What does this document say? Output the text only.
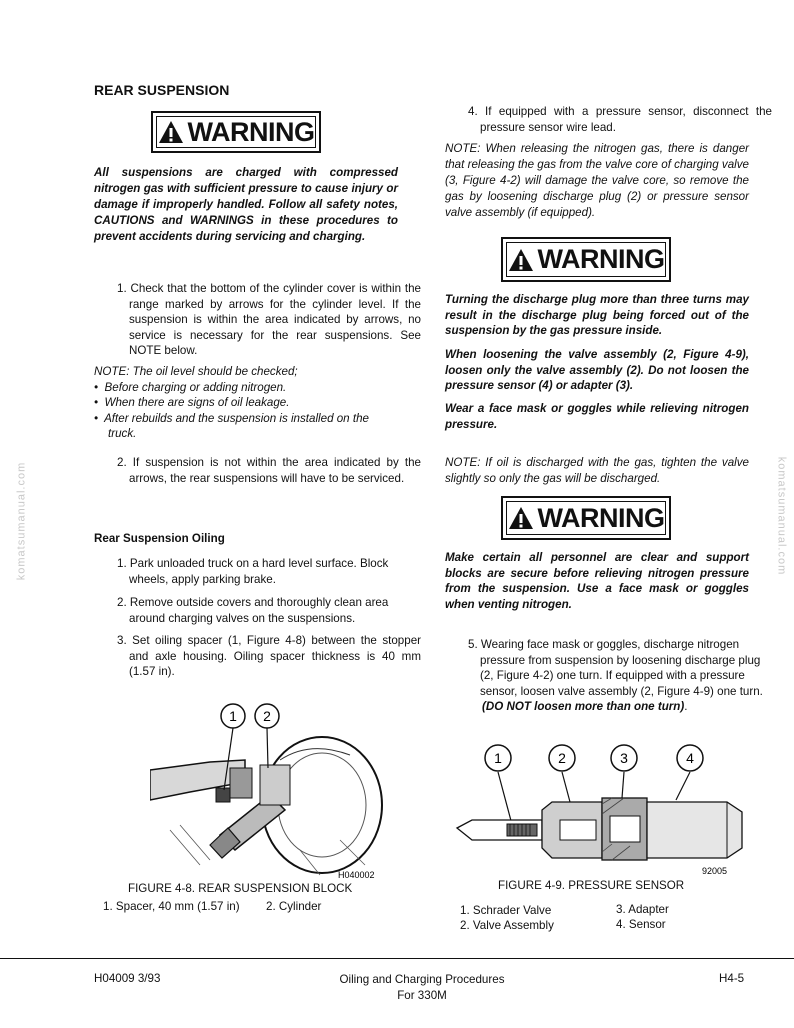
komatsumanual.com	komatsumanual.com
REAR SUSPENSION
WARNING
All suspensions are charged with compressed nitrogen gas with sufficient pressure to cause injury or damage if improperly handled. Follow all safety notes, CAUTIONS and WARNINGS in these procedures to prevent accidents during servicing and charging.
1. Check that the bottom of the cylinder cover is within the range marked by arrows for the cylinder level. If the suspension is within the area indicated by arrows, no service is necessary for the rear suspensions. See NOTE below.
NOTE: The oil level should be checked;
•  Before charging or adding nitrogen.
•  When there are signs of oil leakage.
•  After rebuilds and the suspension is installed on the truck.
2. If suspension is not within the area indicated by the arrows, the rear suspensions will have to be serviced.
Rear Suspension Oiling
1. Park unloaded truck on a hard level surface. Block wheels, apply parking brake.
2. Remove outside covers and thoroughly clean area around charging valves on the suspensions.
3. Set oiling spacer (1, Figure 4-8) between the stopper and axle housing. Oiling spacer thickness is 40 mm (1.57 in).
1 2
H040002
FIGURE 4-8. REAR SUSPENSION BLOCK
1. Spacer, 40 mm (1.57 in) 2. Cylinder
4. If equipped with a pressure sensor, disconnect the pressure sensor wire lead.
NOTE: When releasing the nitrogen gas, there is danger that releasing the gas from the valve core of charging valve (3, Figure 4-2) will damage the valve core, so remove the gas by loosening discharge plug (2) or pressure sensor valve assembly (if equipped).
WARNING
Turning the discharge plug more than three turns may result in the discharge plug being forced out of the suspension by the gas pressure inside.
When loosening the valve assembly (2, Figure 4-9), loosen only the valve assembly (2). Do not loosen the pressure sensor (4) or adapter (3).
Wear a face mask or goggles while relieving nitrogen pressure.
NOTE: If oil is discharged with the gas, tighten the valve slightly so only the gas will be discharged.
WARNING
Make certain all personnel are clear and support blocks are secure before relieving nitrogen pressure from the suspension. Use a face mask or goggles when venting nitrogen.
5. Wearing face mask or goggles, discharge nitrogen pressure from suspension by loosening discharge plug (2, Figure 4-2) one turn. If equipped with a pressure sensor, loosen valve assembly (2, Figure 4-9) one turn.
(DO NOT loosen more than one turn).
1	2	3	4
92005
FIGURE 4-9. PRESSURE SENSOR
1. Schrader Valve
2. Valve Assembly
3. Adapter
4. Sensor
H04009 3/93	Oiling and Charging Procedures
For 330M
H4-5
